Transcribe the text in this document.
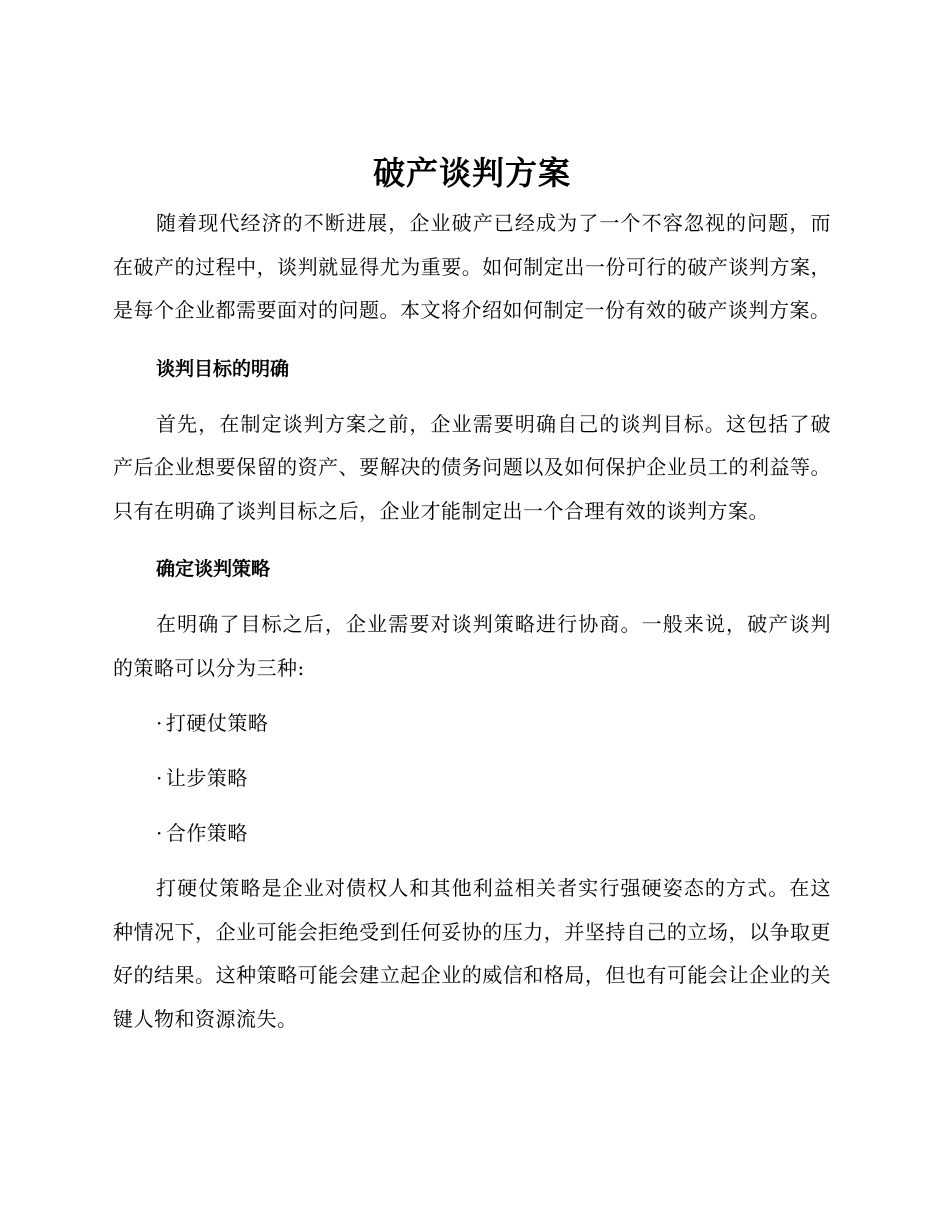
破产谈判方案

随着现代经济的不断进展，企业破产已经成为了一个不容忽视的问题，而在破产的过程中，谈判就显得尤为重要。如何制定出一份可行的破产谈判方案，是每个企业都需要面对的问题。本文将介绍如何制定一份有效的破产谈判方案。

谈判目标的明确

首先，在制定谈判方案之前，企业需要明确自己的谈判目标。这包括了破产后企业想要保留的资产、要解决的债务问题以及如何保护企业员工的利益等。只有在明确了谈判目标之后，企业才能制定出一个合理有效的谈判方案。

确定谈判策略

在明确了目标之后，企业需要对谈判策略进行协商。一般来说，破产谈判的策略可以分为三种:

· 打硬仗策略
· 让步策略
· 合作策略

打硬仗策略是企业对债权人和其他利益相关者实行强硬姿态的方式。在这种情况下，企业可能会拒绝受到任何妥协的压力，并坚持自己的立场，以争取更好的结果。这种策略可能会建立起企业的威信和格局，但也有可能会让企业的关键人物和资源流失。
